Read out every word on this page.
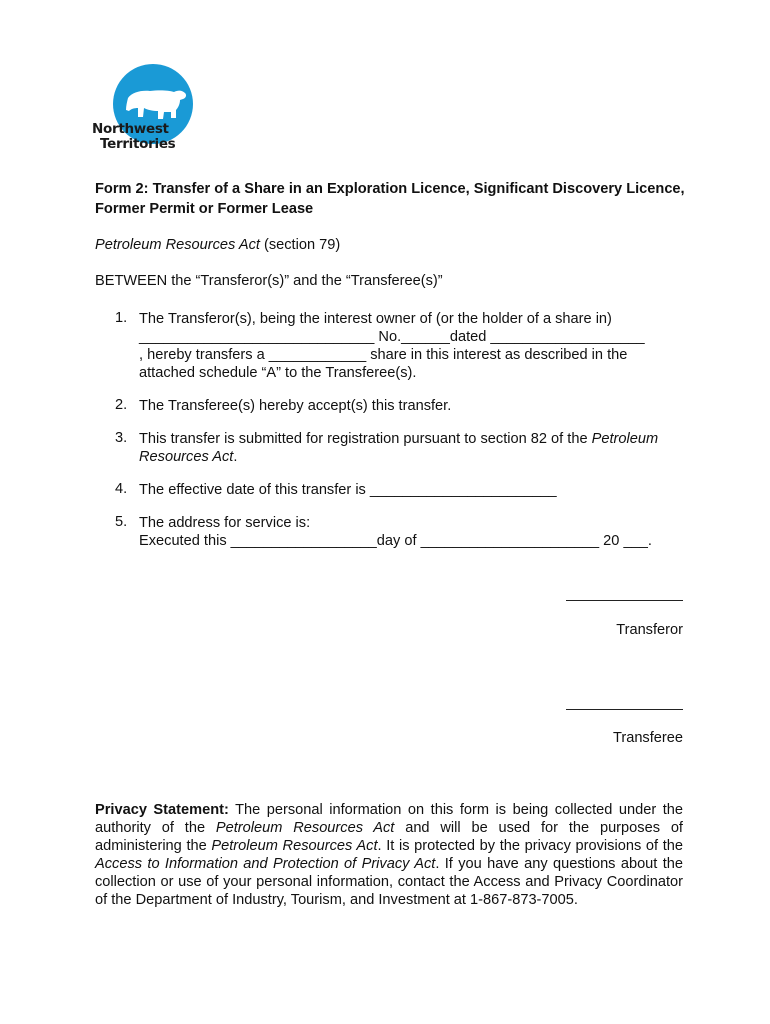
Northwest
Territories
Form 2: Transfer of a Share in an Exploration Licence, Significant Discovery Licence, Former Permit or Former Lease
Petroleum Resources Act (section 79)
BETWEEN the “Transferor(s)” and the “Transferee(s)”
1. The Transferor(s), being the interest owner of (or the holder of a share in)
_____________________________ No.______dated ___________________
, hereby transfers a ____________ share in this interest as described in the
attached schedule “A” to the Transferee(s).
2. The Transferee(s) hereby accept(s) this transfer.
3. This transfer is submitted for registration pursuant to section 82 of the Petroleum
Resources Act.
4. The effective date of this transfer is _______________________
5. The address for service is:
Executed this __________________day of ______________________ 20 ___.
Transferor
Transferee
Privacy Statement: The personal information on this form is being collected under the authority of the Petroleum Resources Act and will be used for the purposes of administering the Petroleum Resources Act. It is protected by the privacy provisions of the Access to Information and Protection of Privacy Act. If you have any questions about the collection or use of your personal information, contact the Access and Privacy Coordinator of the Department of Industry, Tourism, and Investment at 1-867-873-7005.
